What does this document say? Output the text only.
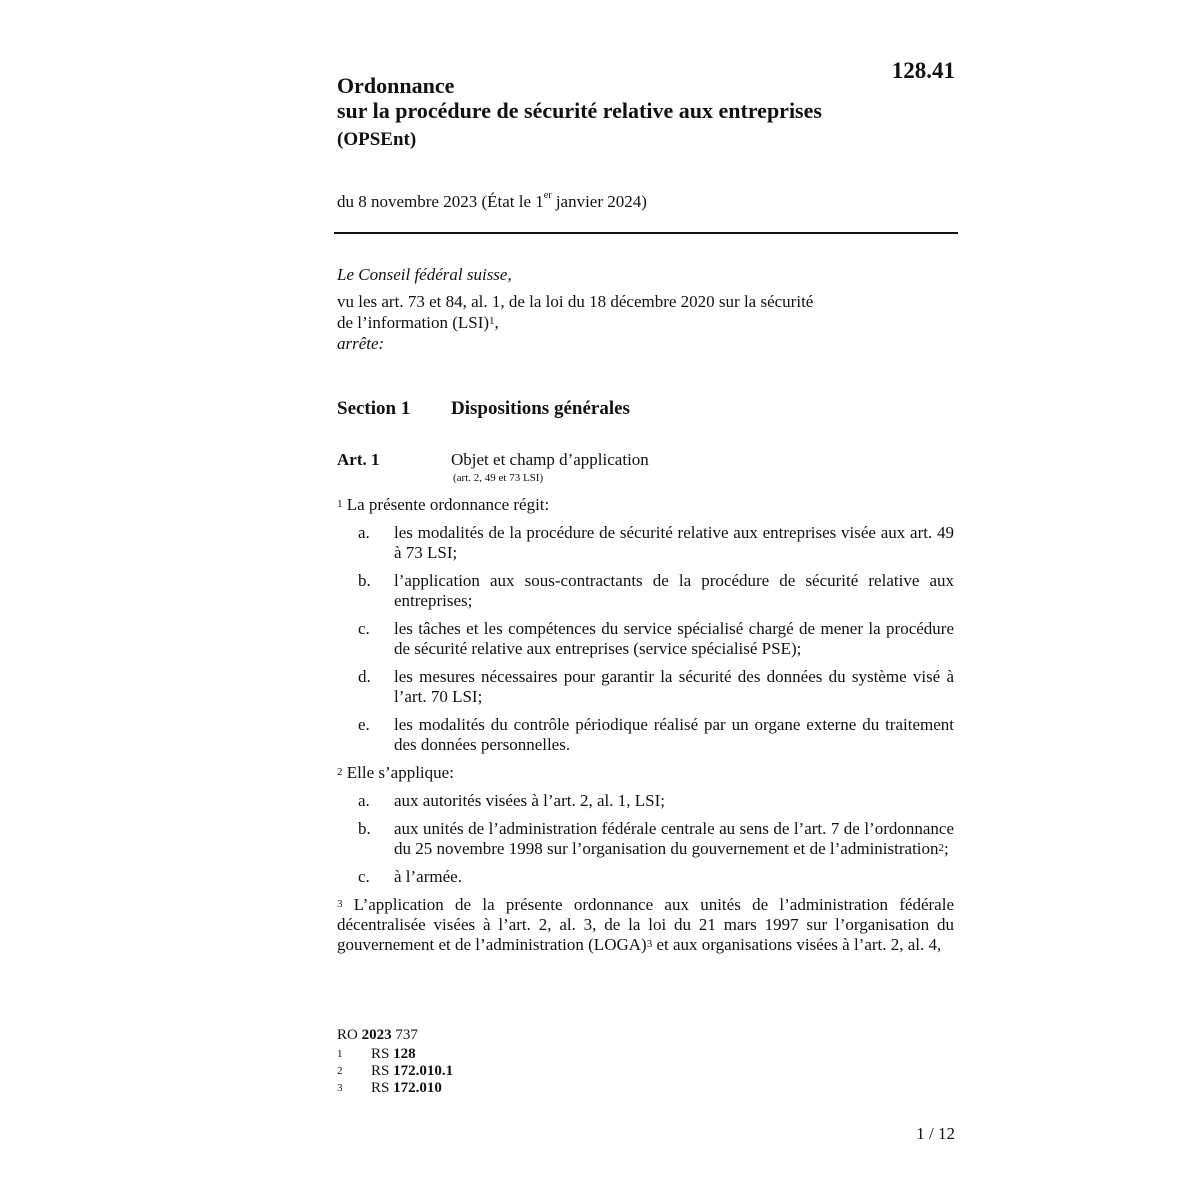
128.41
Ordonnance
sur la procédure de sécurité relative aux entreprises
(OPSEnt)
du 8 novembre 2023 (État le 1er janvier 2024)

Le Conseil fédéral suisse,

vu les art. 73 et 84, al. 1, de la loi du 18 décembre 2020 sur la sécurité
de l’information (LSI)$^1$,

arrête:

Section 1 Dispositions générales
Art. 1	Objet et champ d’application
(art. 2, 49 et 73 LSI)

$^1$ La présente ordonnance régit:

a.	les modalités de la procédure de sécurité relative aux entreprises visée aux art. 49 à 73 LSI;
b.	l’application aux sous-contractants de la procédure de sécurité relative aux entreprises;
c.	les tâches et les compétences du service spécialisé chargé de mener la procédure de sécurité relative aux entreprises (service spécialisé PSE);
d.	les mesures nécessaires pour garantir la sécurité des données du système visé à l’art. 70 LSI;
e.	les modalités du contrôle périodique réalisé par un organe externe du traitement des données personnelles.

$^2$ Elle s’applique:

a.	aux autorités visées à l’art. 2, al. 1, LSI;
b.	aux unités de l’administration fédérale centrale au sens de l’art. 7 de l’ordonnance du 25 novembre 1998 sur l’organisation du gouvernement et de l’administration$^2$;
c.	à l’armée.

$^3$ L’application de la présente ordonnance aux unités de l’administration fédérale décentralisée visées à l’art. 2, al. 3, de la loi du 21 mars 1997 sur l’organisation du gouvernement et de l’administration (LOGA)$^3$ et aux organisations visées à l’art. 2, al. 4,

RO 2023 737
1 RS 128
2 RS 172.010.1
3 RS 172.010
1 / 12
